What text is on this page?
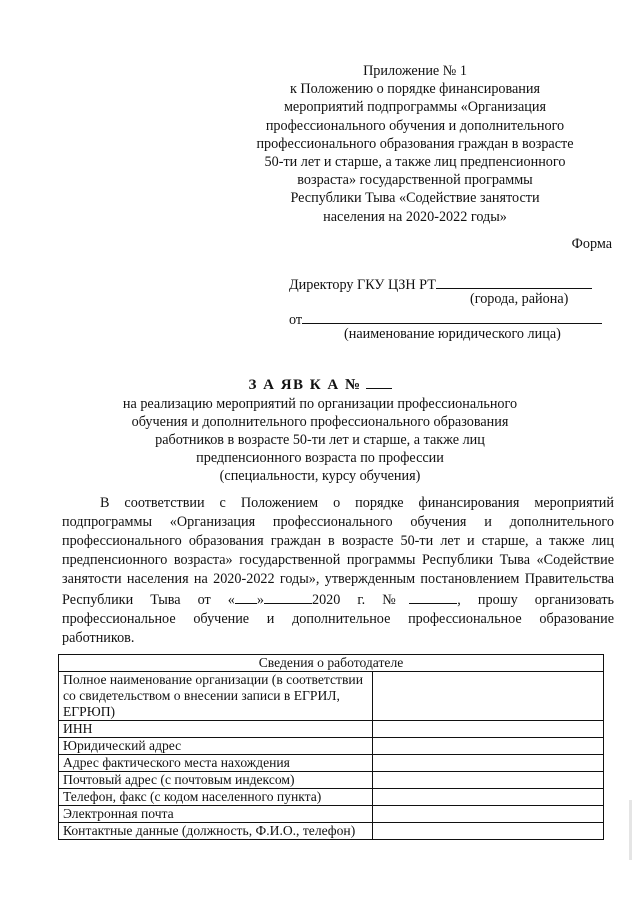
Приложение № 1
к Положению о порядке финансирования
мероприятий подпрограммы «Организация
профессионального обучения и дополнительного
профессионального образования граждан в возрасте
50-ти лет и старше, а также лиц предпенсионного
возраста» государственной программы
Республики Тыва «Содействие занятости
населения на 2020-2022 годы»
Форма
Директору ГКУ ЦЗН РТ
(города, района)
от
(наименование юридического лица)
З А ЯВ К А №
на реализацию мероприятий по организации профессионального
обучения и дополнительного профессионального образования
работников в возрасте 50-ти лет и старше, а также лиц
предпенсионного возраста по профессии
(специальности, курсу обучения)

В соответствии с Положением о порядке финансирования мероприятий подпрограммы «Организация профессионального обучения и дополнительного профессионального образования граждан в возрасте 50-ти лет и старше, а также лиц предпенсионного возраста» государственной программы Республики Тыва «Содействие занятости населения на 2020-2022 годы», утвержденным постановлением Правительства Республики Тыва от « »	2020 г. №	, прошу организовать профессиональное обучение и дополнительное профессиональное образование работников.

Сведения о работодателе	
Полное наименование организации (в соответствии со свидетельством о внесении записи в ЕГРИЛ, ЕГРЮП)	
ИНН	
Юридический адрес	
Адрес фактического места нахождения	
Почтовый адрес (с почтовым индексом)	
Телефон, факс (с кодом населенного пункта)	
Электронная почта	
Контактные данные (должность, Ф.И.О., телефон)	
